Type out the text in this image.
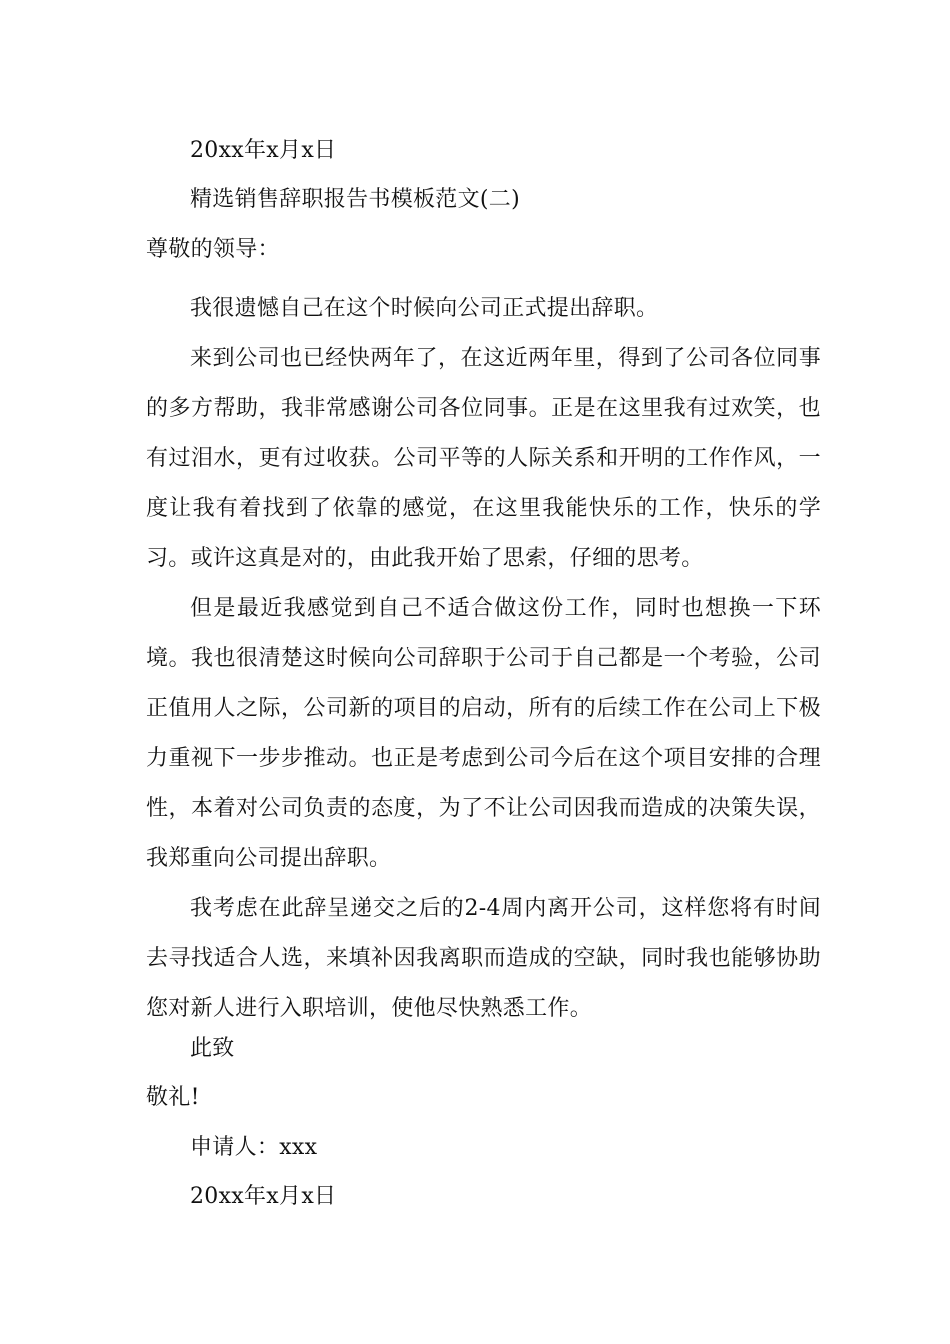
20xx年x月x日
精选销售辞职报告书模板范文(二)
尊敬的领导：

我很遗憾自己在这个时候向公司正式提出辞职。

来到公司也已经快两年了，在这近两年里，得到了公司各位同事的多方帮助，我非常感谢公司各位同事。正是在这里我有过欢笑，也有过泪水，更有过收获。公司平等的人际关系和开明的工作作风，一度让我有着找到了依靠的感觉，在这里我能快乐的工作，快乐的学习。或许这真是对的，由此我开始了思索，仔细的思考。

但是最近我感觉到自己不适合做这份工作，同时也想换一下环境。我也很清楚这时候向公司辞职于公司于自己都是一个考验，公司正值用人之际，公司新的项目的启动，所有的后续工作在公司上下极力重视下一步步推动。也正是考虑到公司今后在这个项目安排的合理性，本着对公司负责的态度，为了不让公司因我而造成的决策失误，我郑重向公司提出辞职。

我考虑在此辞呈递交之后的2-4周内离开公司，这样您将有时间去寻找适合人选，来填补因我离职而造成的空缺，同时我也能够协助您对新人进行入职培训，使他尽快熟悉工作。

此致
敬礼!
申请人：xxx
20xx年x月x日
